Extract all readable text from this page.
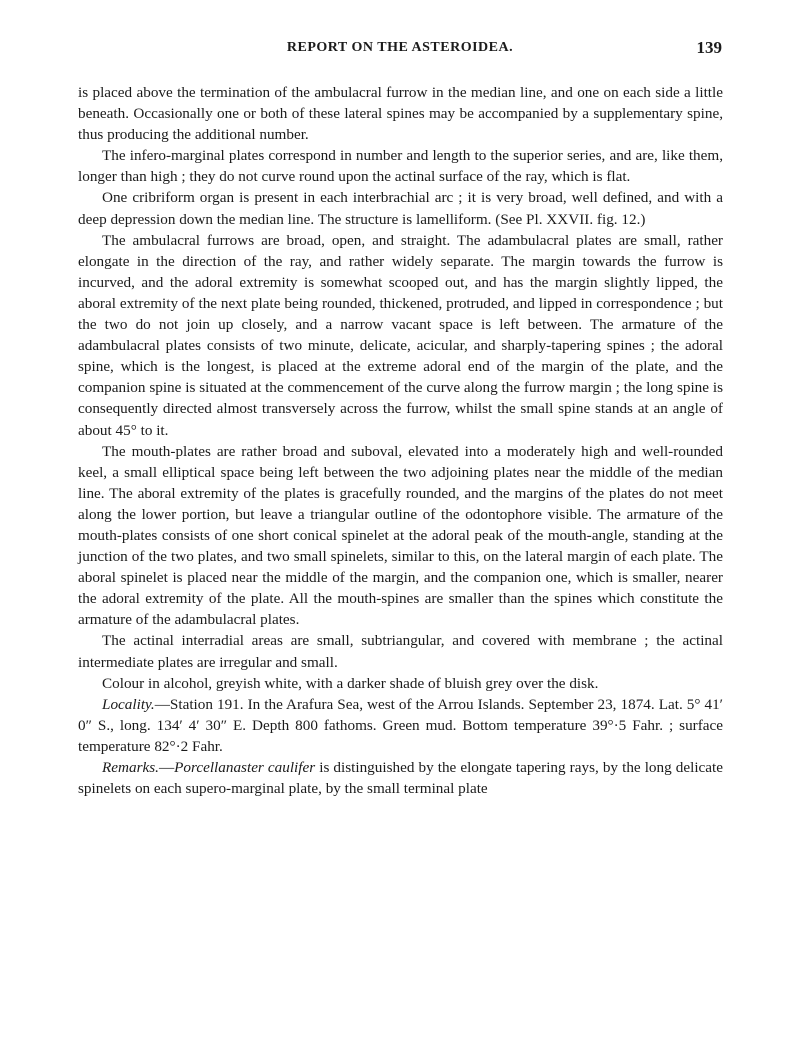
REPORT ON THE ASTEROIDEA.	139

is placed above the termination of the ambulacral furrow in the median line, and one on each side a little beneath. Occasionally one or both of these lateral spines may be accompanied by a supplementary spine, thus producing the additional number.

The infero-marginal plates correspond in number and length to the superior series, and are, like them, longer than high ; they do not curve round upon the actinal surface of the ray, which is flat.

One cribriform organ is present in each interbrachial arc ; it is very broad, well defined, and with a deep depression down the median line. The structure is lamelliform. (See Pl. XXVII. fig. 12.)

The ambulacral furrows are broad, open, and straight. The adambulacral plates are small, rather elongate in the direction of the ray, and rather widely separate. The margin towards the furrow is incurved, and the adoral extremity is somewhat scooped out, and has the margin slightly lipped, the aboral extremity of the next plate being rounded, thickened, protruded, and lipped in correspondence ; but the two do not join up closely, and a narrow vacant space is left between. The armature of the adambulacral plates consists of two minute, delicate, acicular, and sharply-tapering spines ; the adoral spine, which is the longest, is placed at the extreme adoral end of the margin of the plate, and the companion spine is situated at the commencement of the curve along the furrow margin ; the long spine is consequently directed almost transversely across the furrow, whilst the small spine stands at an angle of about 45° to it.

The mouth-plates are rather broad and suboval, elevated into a moderately high and well-rounded keel, a small elliptical space being left between the two adjoining plates near the middle of the median line. The aboral extremity of the plates is gracefully rounded, and the margins of the plates do not meet along the lower portion, but leave a triangular outline of the odontophore visible. The armature of the mouth-plates consists of one short conical spinelet at the adoral peak of the mouth-angle, standing at the junction of the two plates, and two small spinelets, similar to this, on the lateral margin of each plate. The aboral spinelet is placed near the middle of the margin, and the companion one, which is smaller, nearer the adoral extremity of the plate. All the mouth-spines are smaller than the spines which constitute the armature of the adambulacral plates.

The actinal interradial areas are small, subtriangular, and covered with membrane ; the actinal intermediate plates are irregular and small.

Colour in alcohol, greyish white, with a darker shade of bluish grey over the disk.

Locality.—Station 191. In the Arafura Sea, west of the Arrou Islands. September 23, 1874. Lat. 5° 41′ 0″ S., long. 134′ 4′ 30″ E. Depth 800 fathoms. Green mud. Bottom temperature 39°·5 Fahr. ; surface temperature 82°·2 Fahr.

Remarks.—Porcellanaster caulifer is distinguished by the elongate tapering rays, by the long delicate spinelets on each supero-marginal plate, by the small terminal plate
